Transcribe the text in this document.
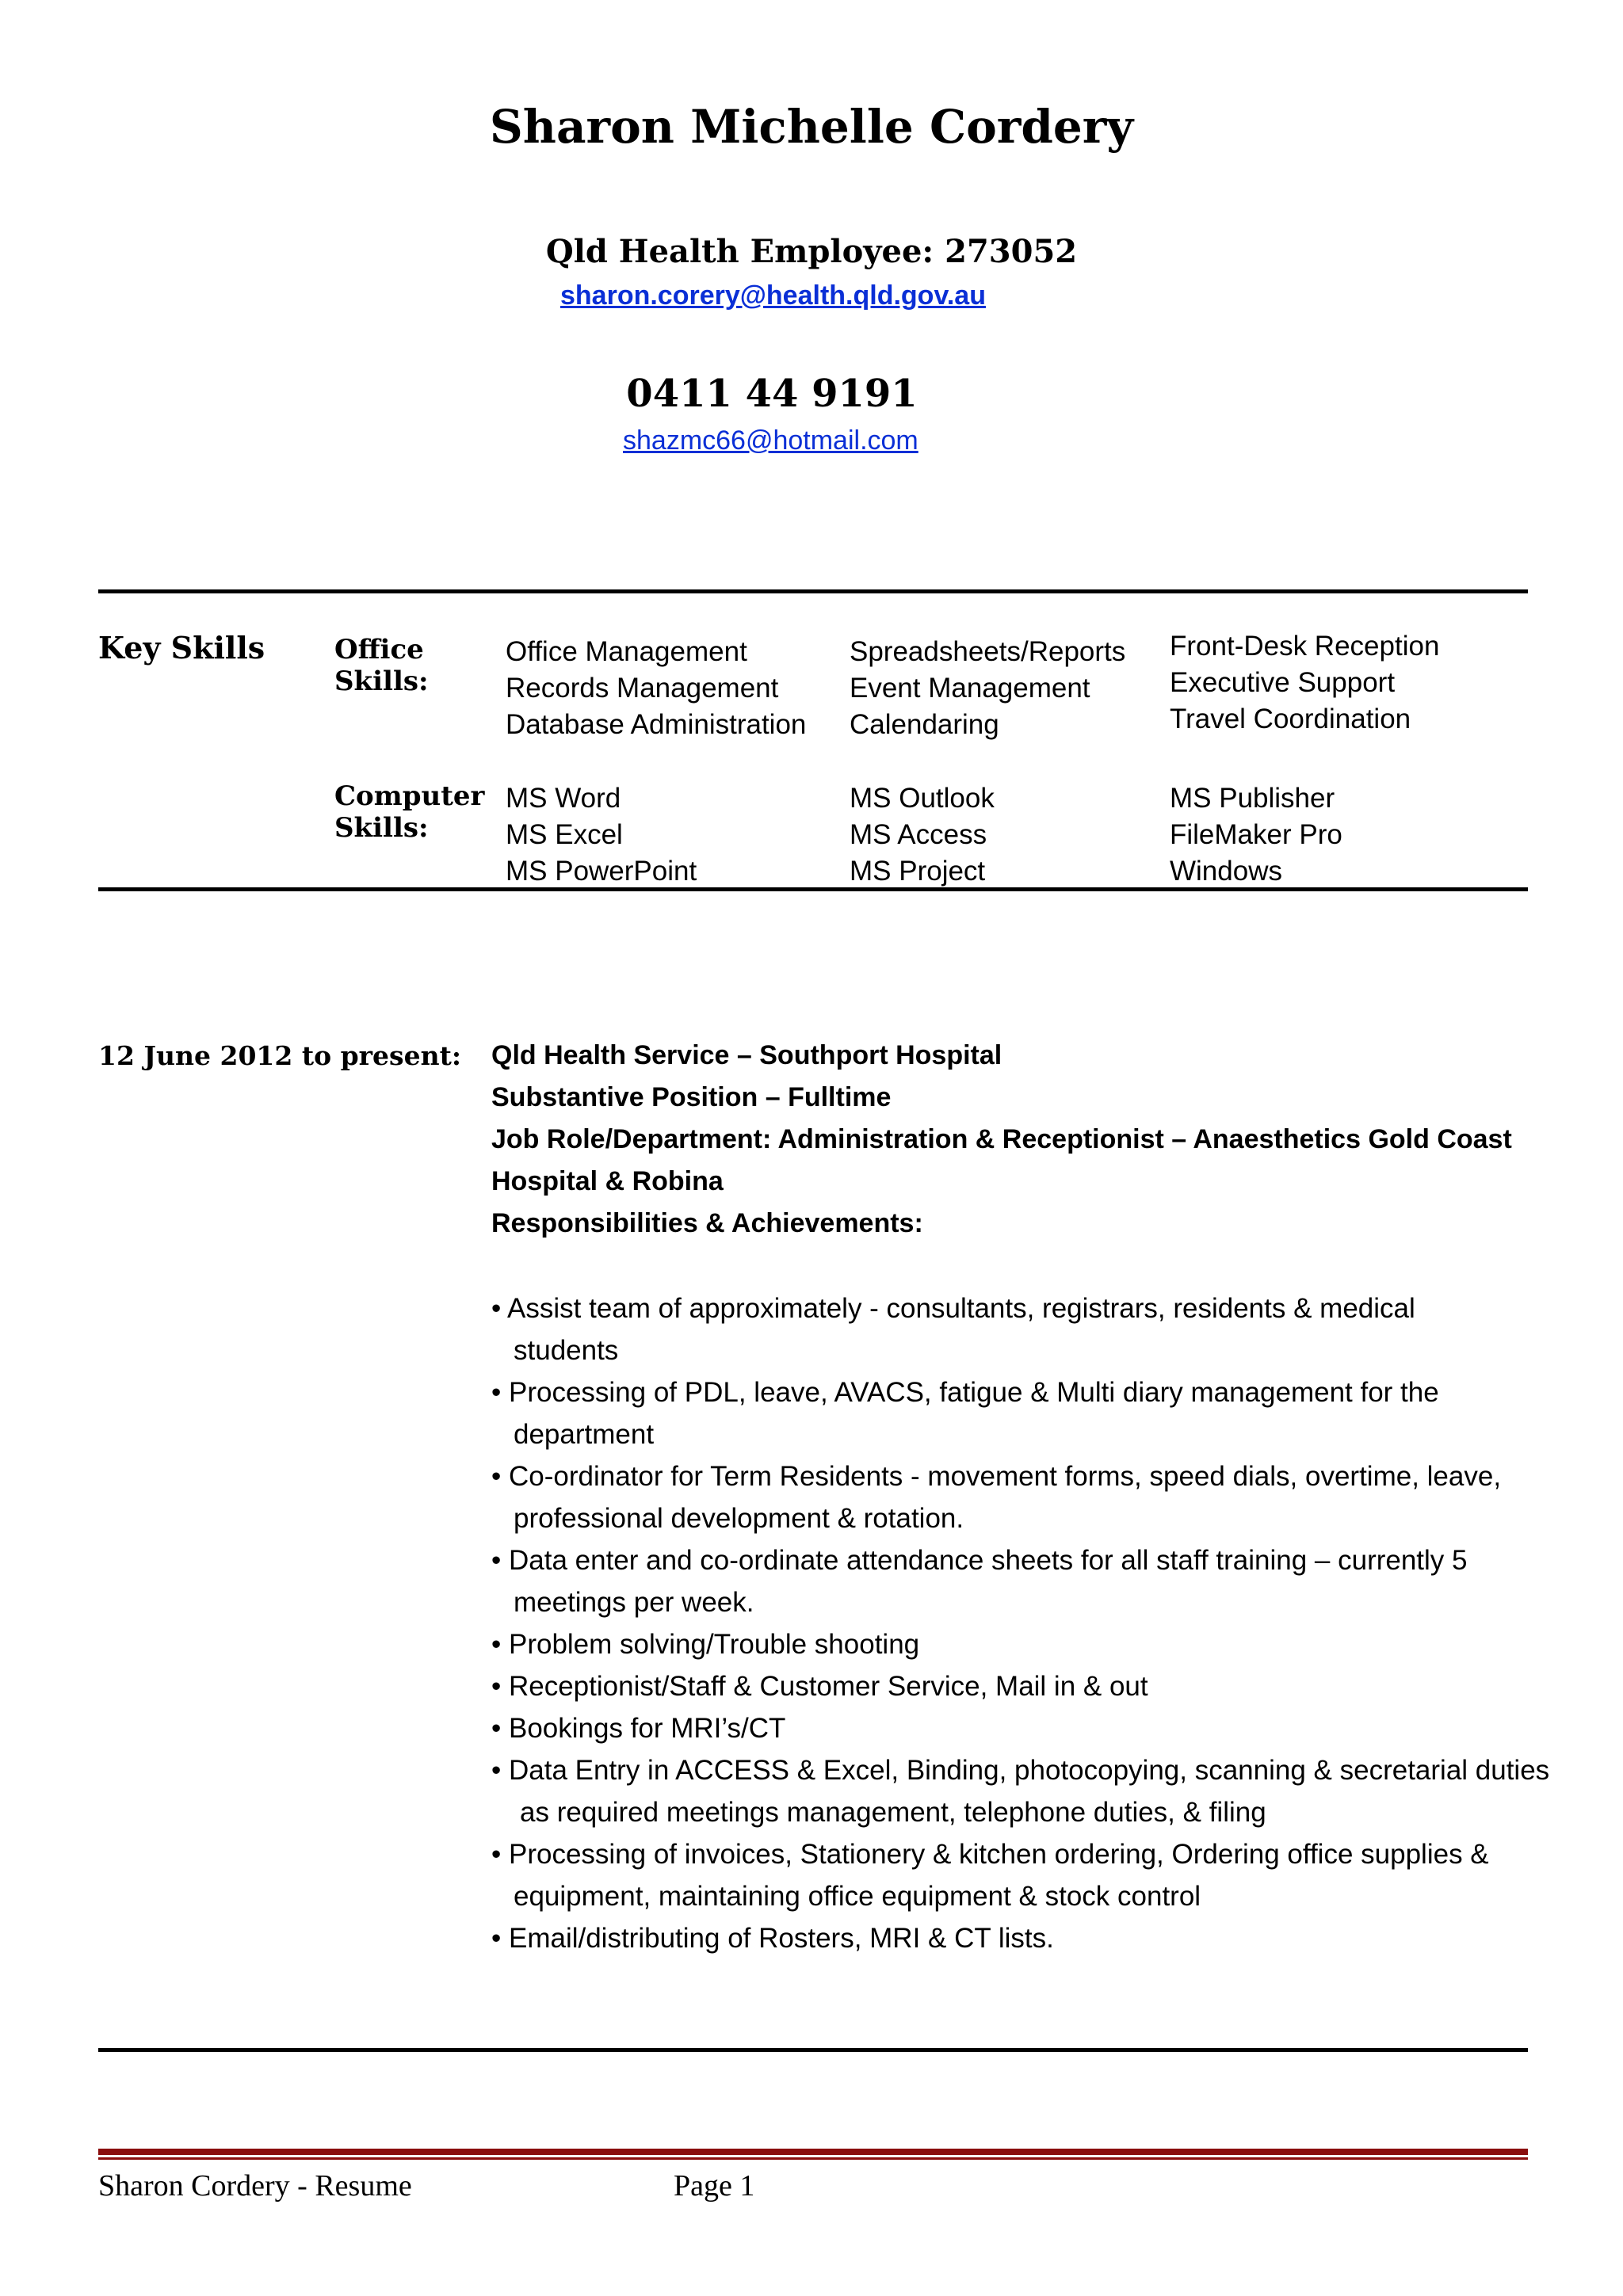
Sharon Michelle Cordery
Qld Health Employee: 273052
sharon.corery@health.qld.gov.au
0411 44 9191
shazmc66@hotmail.com
Key Skills	Office
Skills:
Office Management
Records Management
Database Administration
Spreadsheets/Reports
Event Management
Calendaring
Front-Desk Reception
Executive Support
Travel Coordination
Computer
Skills:
MS Word
MS Excel
MS PowerPoint
MS Outlook
MS Access
MS Project
MS Publisher
FileMaker Pro
Windows
12 June 2012 to present: Qld Health Service – Southport Hospital
Substantive Position – Fulltime
Job Role/Department: Administration & Receptionist – Anaesthetics Gold Coast
Hospital & Robina
Responsibilities & Achievements:
• Assist team of approximately - consultants, registrars, residents & medical
students
• Processing of PDL, leave, AVACS, fatigue & Multi diary management for the
department
• Co-ordinator for Term Residents - movement forms, speed dials, overtime, leave,
professional development & rotation.
• Data enter and co-ordinate attendance sheets for all staff training – currently 5
meetings per week.
• Problem solving/Trouble shooting
• Receptionist/Staff & Customer Service, Mail in & out
• Bookings for MRI’s/CT
• Data Entry in ACCESS & Excel, Binding, photocopying, scanning & secretarial duties
as required meetings management, telephone duties, & filing
• Processing of invoices, Stationery & kitchen ordering, Ordering office supplies &
equipment, maintaining office equipment & stock control
• Email/distributing of Rosters, MRI & CT lists.
Sharon Cordery - Resume	Page 1
